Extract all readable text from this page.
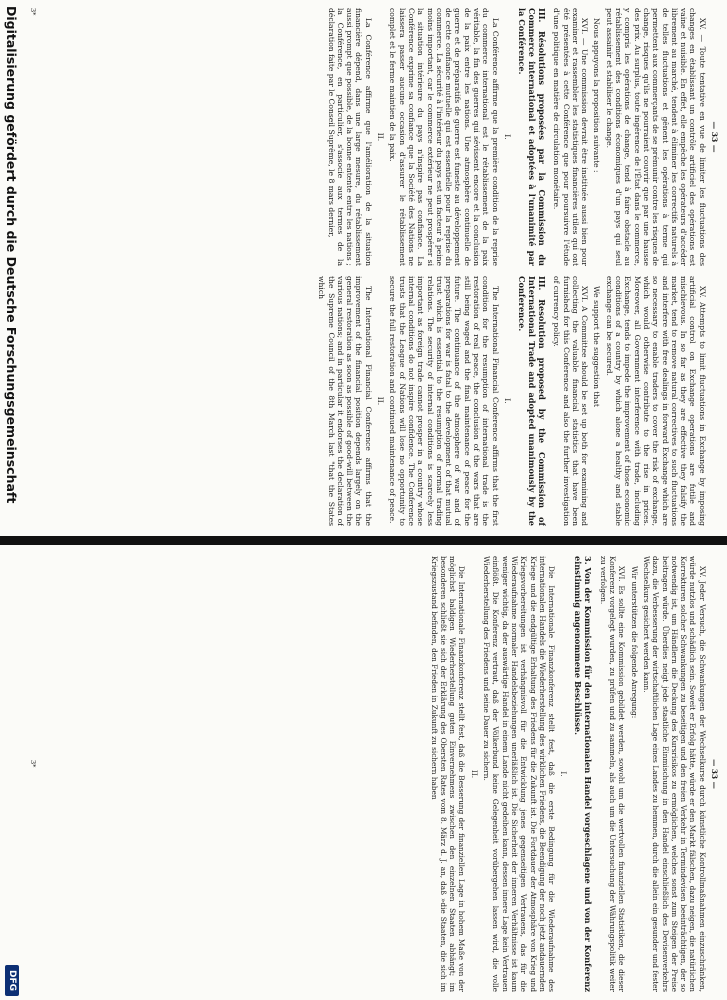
— 33 —

XV. — Toute tentative en vue de limiter les fluctuations des changes en établissant un contrôle artificiel des opérations est vaine et nuisible. En effet, elle empêche les opérateurs d'accéder librement au marché, tendent à éliminer les correctifs naturels à de telles fluctuations et gênent les opérations à terme qui permettent aux commerçants de se prémunir contre les risques de change, risques qu'ils ne pourraient couvrir que par une hausse des prix. Au surplus, toute ingérence de l'État dans le commerce, y compris les opérations de change, tend à faire obstacle au rétablissement des conditions économiques d'un pays qui seul peut assainir et stabiliser le change.

Nous appuyons la proposition suivante :

XVI. — Une commission devrait être instituée aussi bien pour examiner et rassembler les statistiques financières utiles qui ont été présentées à cette Conférence que pour poursuivre l'étude d'une politique en matière de circulation monétaire.

III. Résolutions proposées par la Commission du Commerce international et adoptées à l'unanimité par la Conférence.

I.

La Conférence affirme que la première condition de la reprise du commerce international est le rétablissement de la paix véritable, la fin des guerres qui sévissent encore et la conclusion de la paix entre les nations. Une atmosphère continuelle de guerre et de préparatifs de guerre est funeste au développement de cette confiance mutuelle qui est essentielle pour la reprise du commerce. La sécurité à l'intérieur du pays est un facteur à peine moins important, car le commerce extérieur ne peut prospérer si la situation intérieure du pays n'inspire pas confiance. La Conférence exprime sa confiance que la Société des Nations ne laissera passer aucune occasion d'assurer le rétablissement complet et le ferme maintien de la paix.

II.

La Conférence affirme que l'amélioration de la situation financière dépend, dans une large mesure, du rétablissement aussi prompt que possible, de la bonne entente entre les nations ; la Conférence, en particulier, s'associe aux termes de la déclaration faite par le Conseil Suprême, le 8 mars dernier,

XV. Attempts to limit fluctuations in Exchange by imposing artificial control on Exchange operations are futile and mischievous. In so far as they are effective they falsify the market, tend to remove natural correctives to such fluctuations and interfere with free dealings in forward Exchange which are so necessary to enable traders to cover the risk of exchange, which would otherwise contribute to the rise in prices. Moreover, all Government interference with trade, including Exchange, tends to impede the improvement of those economic conditions of a country by which alone a healthy and stable exchange can be secured.

We support the suggestion that

XVI. A Committee should be set up both for examining and collecting the valuable financial statistics that have been furnished for this Conference and also the further investigation of currency policy.

III. Resolution proposed by the Commission of International Trade and adopted unanimously by the Conference.

I.

The International Financial Conference affirms that the first condition for the resumption of international trade is the restoration of real peace, the conclusion of the wars that are still being waged and the final maintenance of peace for the future. The continuance of the atmosphere of war and of preparations for war is fatal to the development of that mutual trust which is essential to the resumption of normal trading relations. The security of internal conditions is scarcely less important as foreign trade cannot prosper in a country whose internal conditions do not inspire confidence. The Conference trusts that the League of Nations will lose no opportunity to secure the full restoration and continued maintenance of peace.

II.

The International Financial Conference affirms that the improvement of the financial position depends largely on the general restoration as soon as possible of good-will between the various nations; and in particular it endorses the declaration of the Supreme Council of the 8th March last "that the States which

3*

— 33 —

XV. Jeder Versuch, die Schwankungen der Wechselkurse durch künstliche Kontrollmaßnahmen einzuschränken, würde nutzlos und schädlich sein. Soweit er Erfolg hätte, würde er den Markt fälschen, dazu neigen, die natürlichen Korrekturen solcher Schwankungen zu beseitigen und den freien Verkehr in Termindevisen beeinträchtigen, der so notwendig ist, um Händlern die Deckung des Kursrisikos zu ermöglichen, welches sonst zum Steigen der Preise beitragen würde. Überdies neigt jede staatliche Einmischung in den Handel einschließlich des Devisenverkehrs dazu, die Verbesserung der wirtschaftlichen Lage eines Landes zu hemmen, durch die allein ein gesunder und fester Wechselkurs gesichert werden kann.

Wir unterstützen die folgende Anregung:

XVI. Es sollte eine Kommission gebildet werden, sowohl um die wertvollen finanziellen Statistiken, die dieser Konferenz vorgelegt wurden, zu prüfen und zu sammeln, als auch um die Untersuchung der Währungspolitik weiter zu verfolgen.

3. Von der Kommission für den internationalen Handel vorgeschlagene und von der Konferenz einstimmig angenommene Beschlüsse.

I.

Die Internationale Finanzkonferenz stellt fest, daß die erste Bedingung für die Wiederaufnahme des internationalen Handels die Wiederherstellung des wirklichen Friedens, die Beendigung der noch jetzt andauernden Kriege und die endgültige Erhaltung des Friedens für die Zukunft ist. Die Fortdauer der Atmosphäre von Krieg und Kriegsvorbereitungen ist verhängnisvoll für die Entwicklung jenes gegenseitigen Vertrauens, das für die Wiederaufnahme normaler Handelsbeziehungen unerläßlich ist. Die Sicherheit der inneren Verhältnisse ist kaum weniger wichtig, da der auswärtige Handel in einem Lande nicht gedeihen kann, dessen innere Lage kein Vertrauen einflößt. Die Konferenz vertraut, daß der Völkerbund keine Gelegenheit vorübergehen lassen wird, die volle Wiederherstellung des Friedens und seine Dauer zu sichern.

II.

Die Internationale Finanzkonferenz stellt fest, daß die Besserung der finanziellen Lage in hohem Maße von der möglichst baldigen Wiederherstellung guten Einvernehmens zwischen den einzelnen Staaten abhängt; im besonderen schließt sie sich der Erklärung des Obersten Rates vom 8. März d. J. an, daß »die Staaten, die sich im Kriegszustand befinden, den Frieden in Zukunft zu sichern haben

3*
Digitalisierung gefördert durch die Deutsche Forschungsgemeinschaft
DFG
